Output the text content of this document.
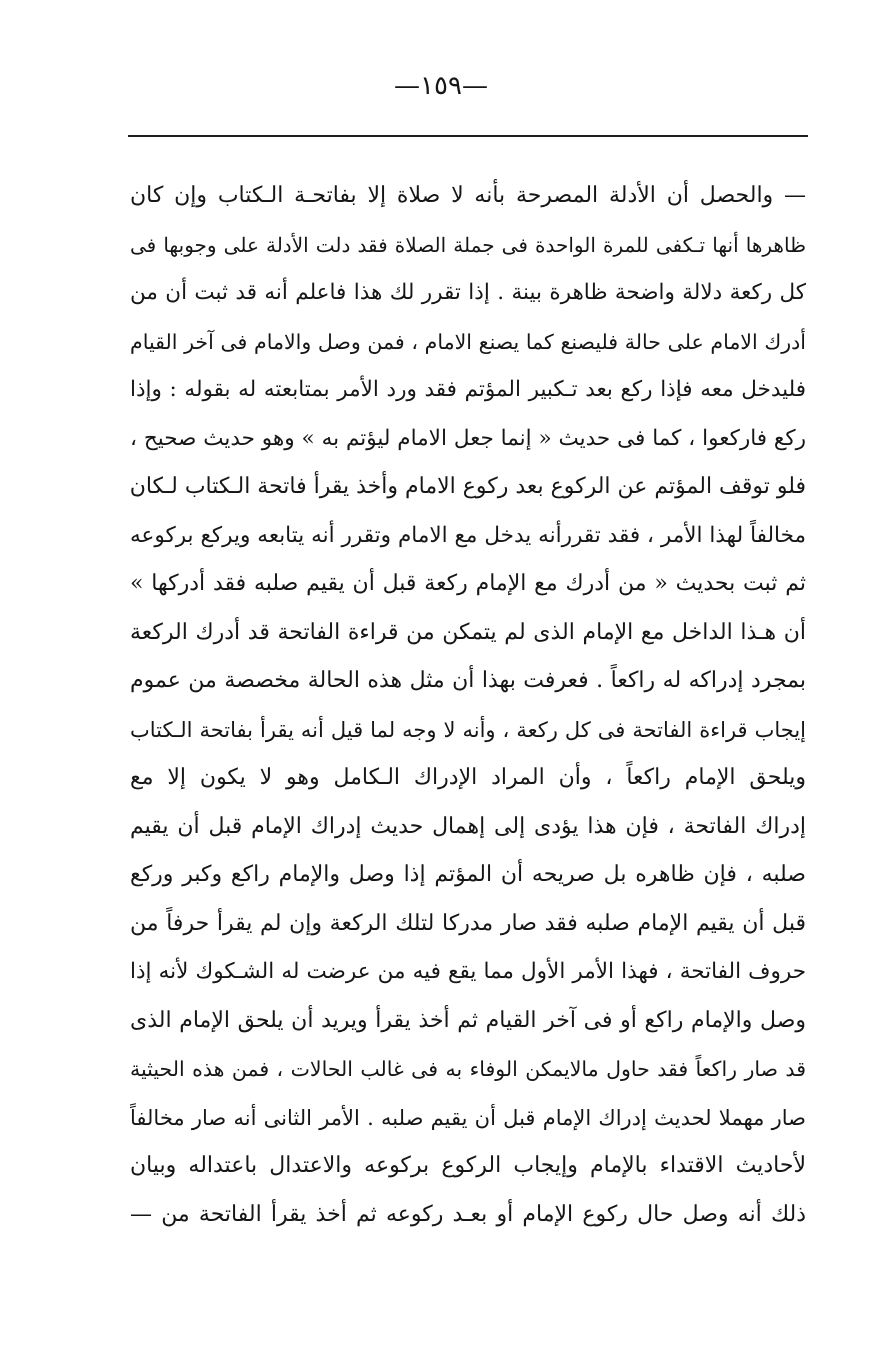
—١٥٩—
— والحصل أن الأدلة المصرحة بأنه لا صلاة إلا بفاتحـة الـكتاب وإن كان
ظاهرها أنها تـكفى للمرة الواحدة فى جملة الصلاة فقد دلت الأدلة على وجوبها فى
كل ركعة دلالة واضحة ظاهرة بينة . إذا تقرر لك هذا فاعلم أنه قد ثبت أن من
أدرك الامام على حالة فليصنع كما يصنع الامام ، فمن وصل والامام فى آخر القيام
فليدخل معه فإذا ركع بعد تـكبير المؤتم فقد ورد الأمر بمتابعته له بقوله : وإذا
ركع فاركعوا ، كما فى حديث « إنما جعل الامام ليؤتم به » وهو حديث صحيح ،
فلو توقف المؤتم عن الركوع بعد ركوع الامام وأخذ يقرأ فاتحة الـكتاب لـكان
مخالفاً لهذا الأمر ، فقد تقررأنه يدخل مع الامام وتقرر أنه يتابعه ويركع بركوعه
ثم ثبت بحديث « من أدرك مع الإمام ركعة قبل أن يقيم صلبه فقد أدركها »
أن هـذا الداخل مع الإمام الذى لم يتمكن من قراءة الفاتحة قد أدرك الركعة
بمجرد إدراكه له راكعاً . فعرفت بهذا أن مثل هذه الحالة مخصصة من عموم
إيجاب قراءة الفاتحة فى كل ركعة ، وأنه لا وجه لما قيل أنه يقرأ بفاتحة الـكتاب
ويلحق الإمام راكعاً ، وأن المراد الإدراك الـكامل وهو لا يكون إلا مع
إدراك الفاتحة ، فإن هذا يؤدى إلى إهمال حديث إدراك الإمام قبل أن يقيم
صلبه ، فإن ظاهره بل صريحه أن المؤتم إذا وصل والإمام راكع وكبر وركع
قبل أن يقيم الإمام صلبه فقد صار مدركا لتلك الركعة وإن لم يقرأ حرفاً من
حروف الفاتحة ، فهذا الأمر الأول مما يقع فيه من عرضت له الشـكوك لأنه إذا
وصل والإمام راكع أو فى آخر القيام ثم أخذ يقرأ ويريد أن يلحق الإمام الذى
قد صار راكعاً فقد حاول مالايمكن الوفاء به فى غالب الحالات ، فمن هذه الحيثية
صار مهملا لحديث إدراك الإمام قبل أن يقيم صلبه . الأمر الثانى أنه صار مخالفاً
لأحاديث الاقتداء بالإمام وإيجاب الركوع بركوعه والاعتدال باعتداله وبيان
ذلك أنه وصل حال ركوع الإمام أو بعـد ركوعه ثم أخذ يقرأ الفاتحة من —
